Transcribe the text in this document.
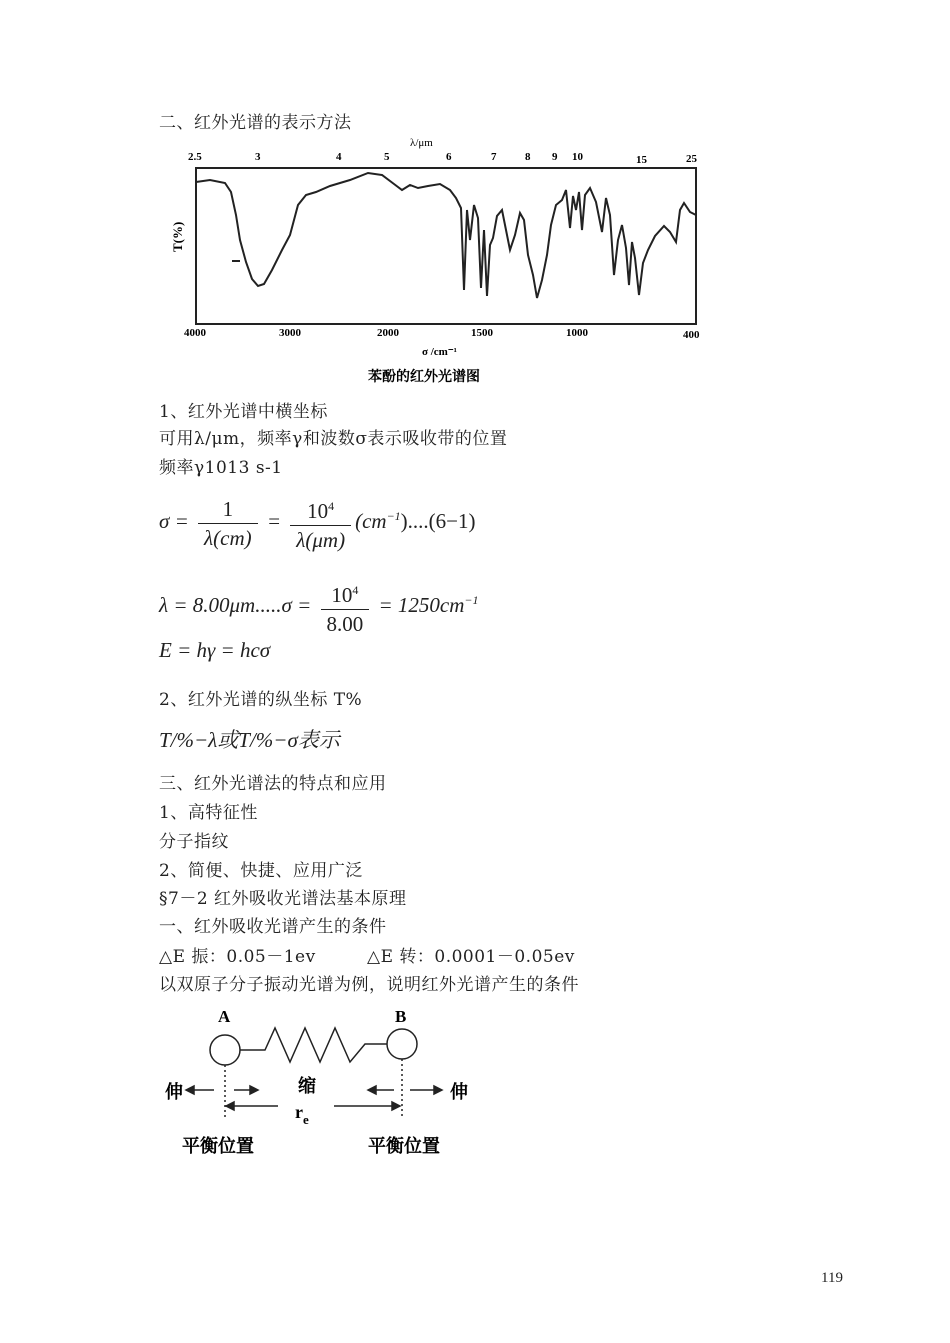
二、红外光谱的表示方法
λ/μm
2.5	3	4	5	6	7	8 9 10	15	25
T(%)
4000	3000	2000	1500	1000	400
σ /cm⁻¹
苯酚的红外光谱图
1、红外光谱中横坐标
可用λ/μm，频率γ和波数σ表示吸收带的位置
频率γ1013 s-1
$\sigma = \frac{1}{\lambda(cm)} = \frac{10^4}{\lambda(\mu m)} (cm^{-1})....(6-1)$
$\lambda = 8.00\mu m.....\sigma = \frac{10^4}{8.00} = 1250cm^{-1}$
E = hγ = hcσ
2、红外光谱的纵坐标 T%
T/%−λ或T/%−σ表示
三、红外光谱法的特点和应用
1、高特征性
分子指纹
2、简便、快捷、应用广泛
§7－2 红外吸收光谱法基本原理
一、红外吸收光谱产生的条件
△E 振：0.05－1ev	△E 转：0.0001－0.05ev
以双原子分子振动光谱为例，说明红外光谱产生的条件
A	B
伸	伸
缩
$r_e$
平衡位置	平衡位置
119
